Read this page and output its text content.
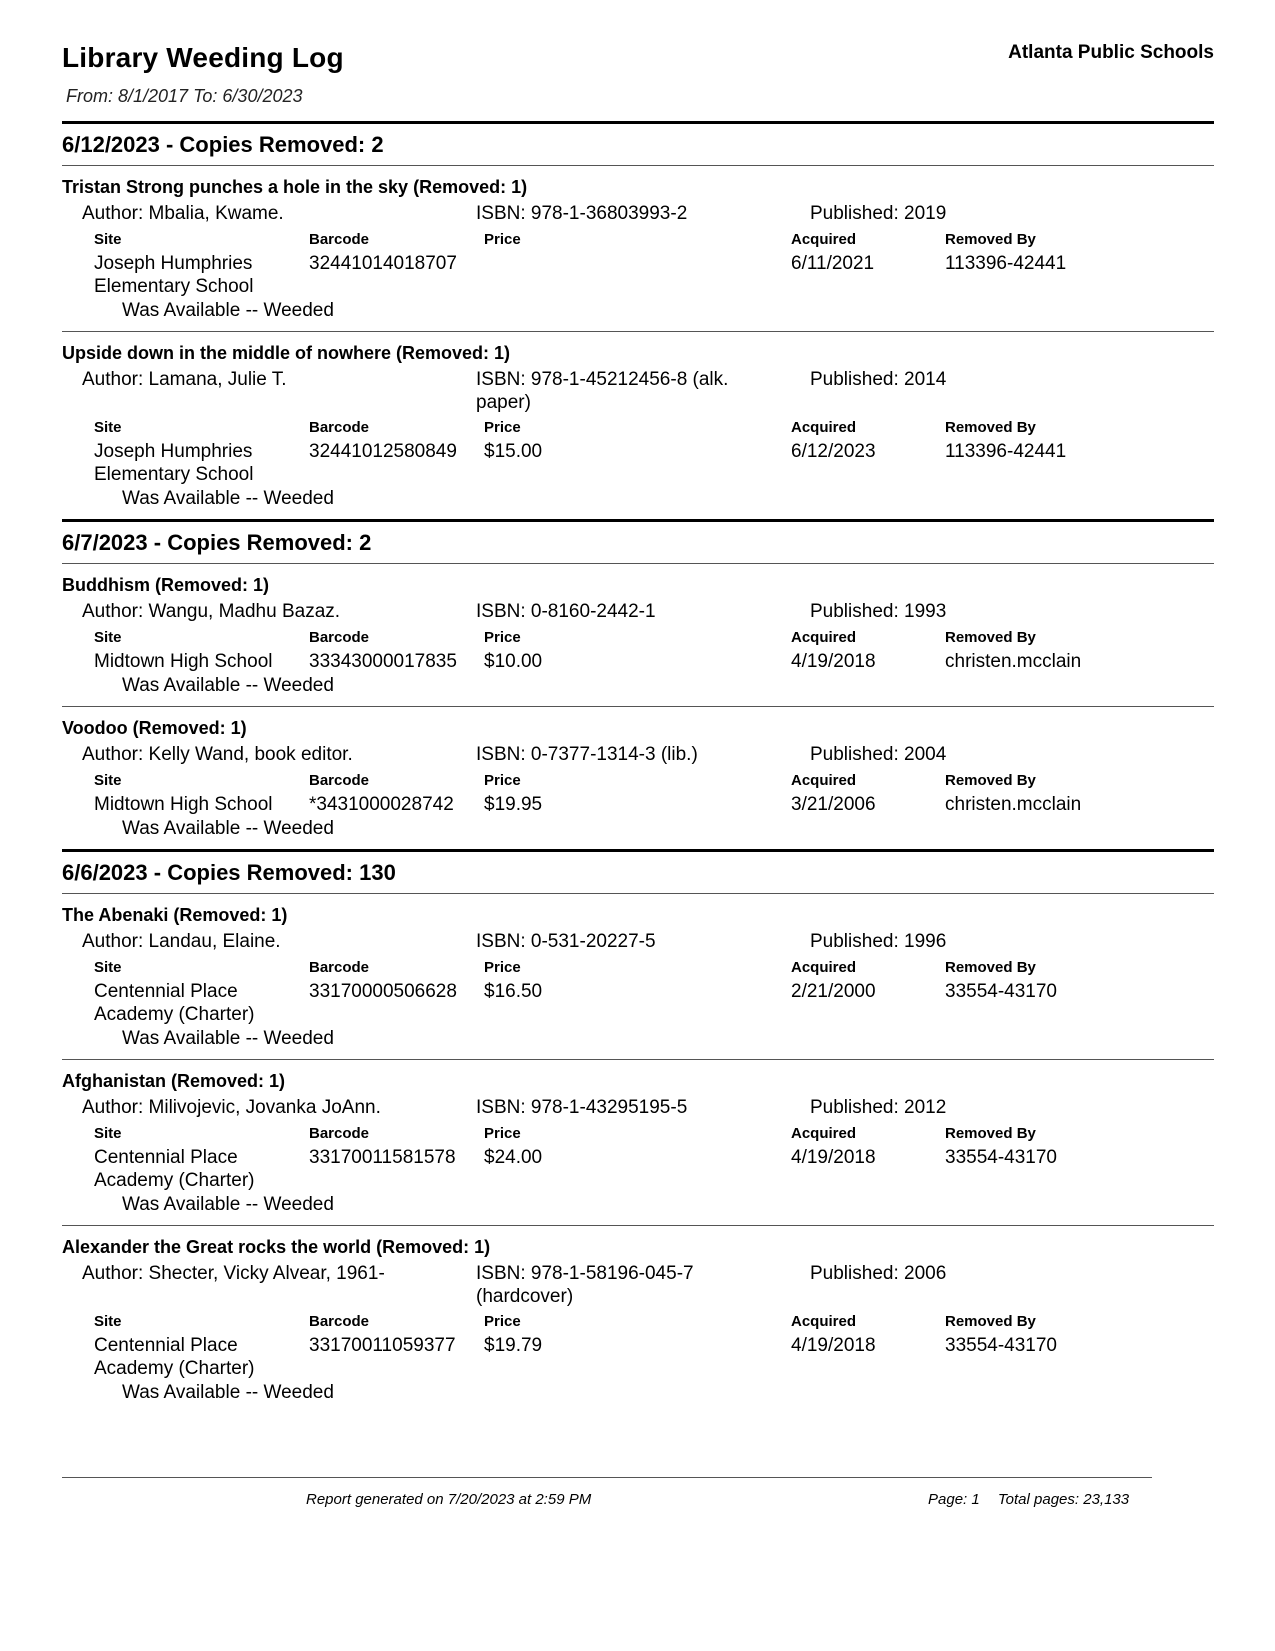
Library Weeding Log	Atlanta Public Schools
From: 8/1/2017 To: 6/30/2023
6/12/2023 - Copies Removed: 2
Tristan Strong punches a hole in the sky (Removed: 1)
Author: Mbalia, Kwame.	ISBN: 978-1-36803993-2	Published: 2019
Site	Barcode	Price	Acquired	Removed By
Joseph Humphries Elementary School
32441014018707	6/11/2021	113396-42441
Was Available -- Weeded
Upside down in the middle of nowhere (Removed: 1)
Author: Lamana, Julie T.	ISBN: 978-1-45212456-8 (alk. paper)
Published: 2014
Site	Barcode	Price	Acquired	Removed By
Joseph Humphries Elementary School
32441012580849 $15.00	6/12/2023	113396-42441
Was Available -- Weeded
6/7/2023 - Copies Removed: 2
Buddhism (Removed: 1)
Author: Wangu, Madhu Bazaz.	ISBN: 0-8160-2442-1	Published: 1993
Site	Barcode	Price	Acquired	Removed By
Midtown High School	33343000017835 $10.00	4/19/2018	christen.mcclain
Was Available -- Weeded
Voodoo (Removed: 1)
Author: Kelly Wand, book editor.	ISBN: 0-7377-1314-3 (lib.)	Published: 2004
Site	Barcode	Price	Acquired	Removed By
Midtown High School	*3431000028742 $19.95	3/21/2006	christen.mcclain
Was Available -- Weeded
6/6/2023 - Copies Removed: 130
The Abenaki (Removed: 1)
Author: Landau, Elaine.	ISBN: 0-531-20227-5	Published: 1996
Site	Barcode	Price	Acquired	Removed By
Centennial Place Academy (Charter)
33170000506628 $16.50	2/21/2000	33554-43170
Was Available -- Weeded
Afghanistan (Removed: 1)
Author: Milivojevic, Jovanka JoAnn.	ISBN: 978-1-43295195-5	Published: 2012
Site	Barcode	Price	Acquired	Removed By
Centennial Place Academy (Charter)
33170011581578 $24.00	4/19/2018	33554-43170
Was Available -- Weeded
Alexander the Great rocks the world (Removed: 1)
Author: Shecter, Vicky Alvear, 1961-	ISBN: 978-1-58196-045-7 (hardcover)
Published: 2006
Site	Barcode	Price	Acquired	Removed By
Centennial Place Academy (Charter)
33170011059377 $19.79	4/19/2018	33554-43170
Was Available -- Weeded
Report generated on 7/20/2023 at 2:59 PM	Page: 1 Total pages: 23,133
